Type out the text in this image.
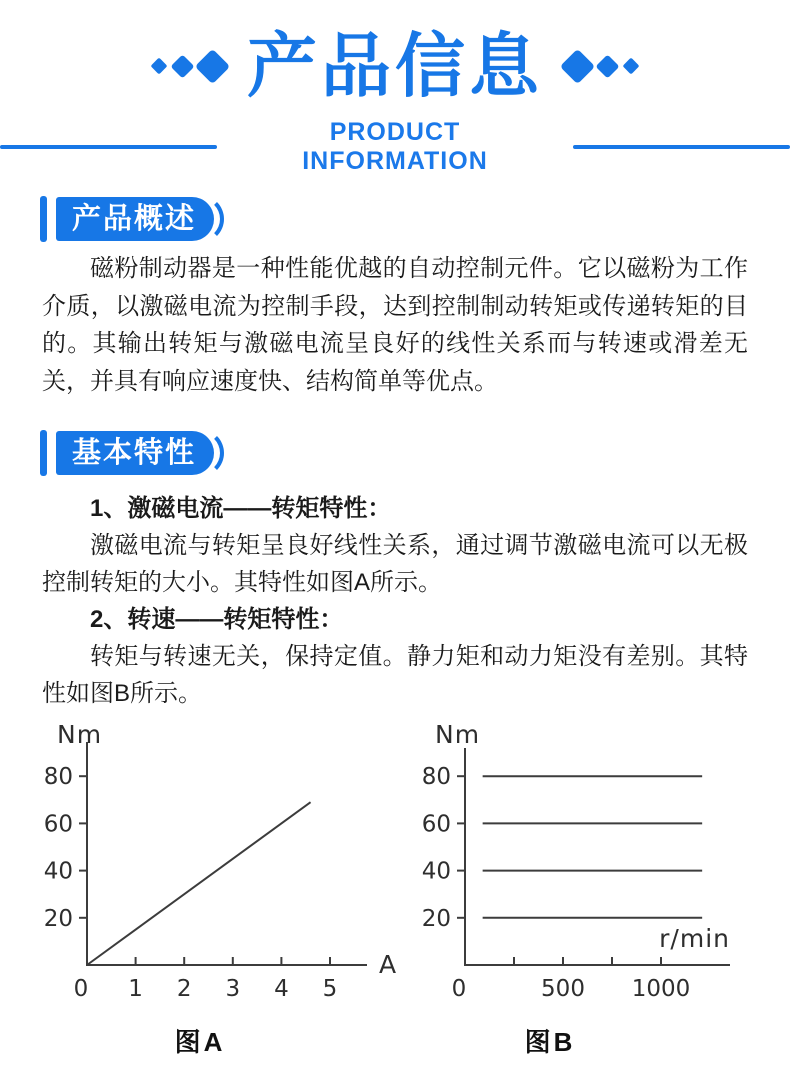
产品信息
PRODUCT INFORMATION
产品概述
磁粉制动器是一种性能优越的自动控制元件。它以磁粉为工作介质，以激磁电流为控制手段，达到控制制动转矩或传递转矩的目的。其输出转矩与激磁电流呈良好的线性关系而与转速或滑差无关，并具有响应速度快、结构简单等优点。
基本特性
1、激磁电流——转矩特性：
激磁电流与转矩呈良好线性关系，通过调节激磁电流可以无极控制转矩的大小。其特性如图A所示。
2、转速——转矩特性：
转矩与转速无关，保持定值。静力矩和动力矩没有差别。其特性如图B所示。
20
40
60
80
1 2 3 4 5
0
Nm
A
20
40
60
80
500 1000
0
Nm
r/min
图A	图B
